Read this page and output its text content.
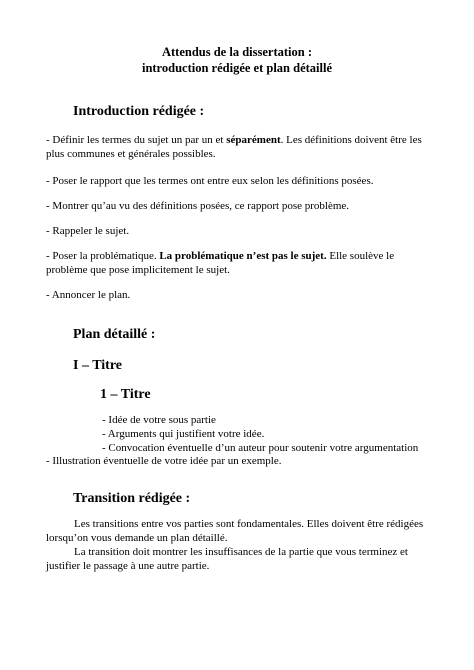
Attendus de la dissertation :
introduction rédigée et plan détaillé
Introduction rédigée :
- Définir les termes du sujet un par un et séparément. Les définitions doivent être les plus communes et générales possibles.
- Poser le rapport que les termes ont entre eux selon les définitions posées.
- Montrer qu’au vu des définitions posées, ce rapport pose problème.
- Rappeler le sujet.
- Poser la problématique. La problématique n’est pas le sujet. Elle soulève le problème que pose implicitement le sujet.
- Annoncer le plan.
Plan détaillé :
I – Titre
1 – Titre
- Idée de votre sous partie
- Arguments qui justifient votre idée.
- Convocation éventuelle d’un auteur pour soutenir votre argumentation
- Illustration éventuelle de votre idée par un exemple.
Transition rédigée :
Les transitions entre vos parties sont fondamentales. Elles doivent être rédigées lorsqu’on vous demande un plan détaillé.
La transition doit montrer les insuffisances de la partie que vous terminez et justifier le passage à une autre partie.
